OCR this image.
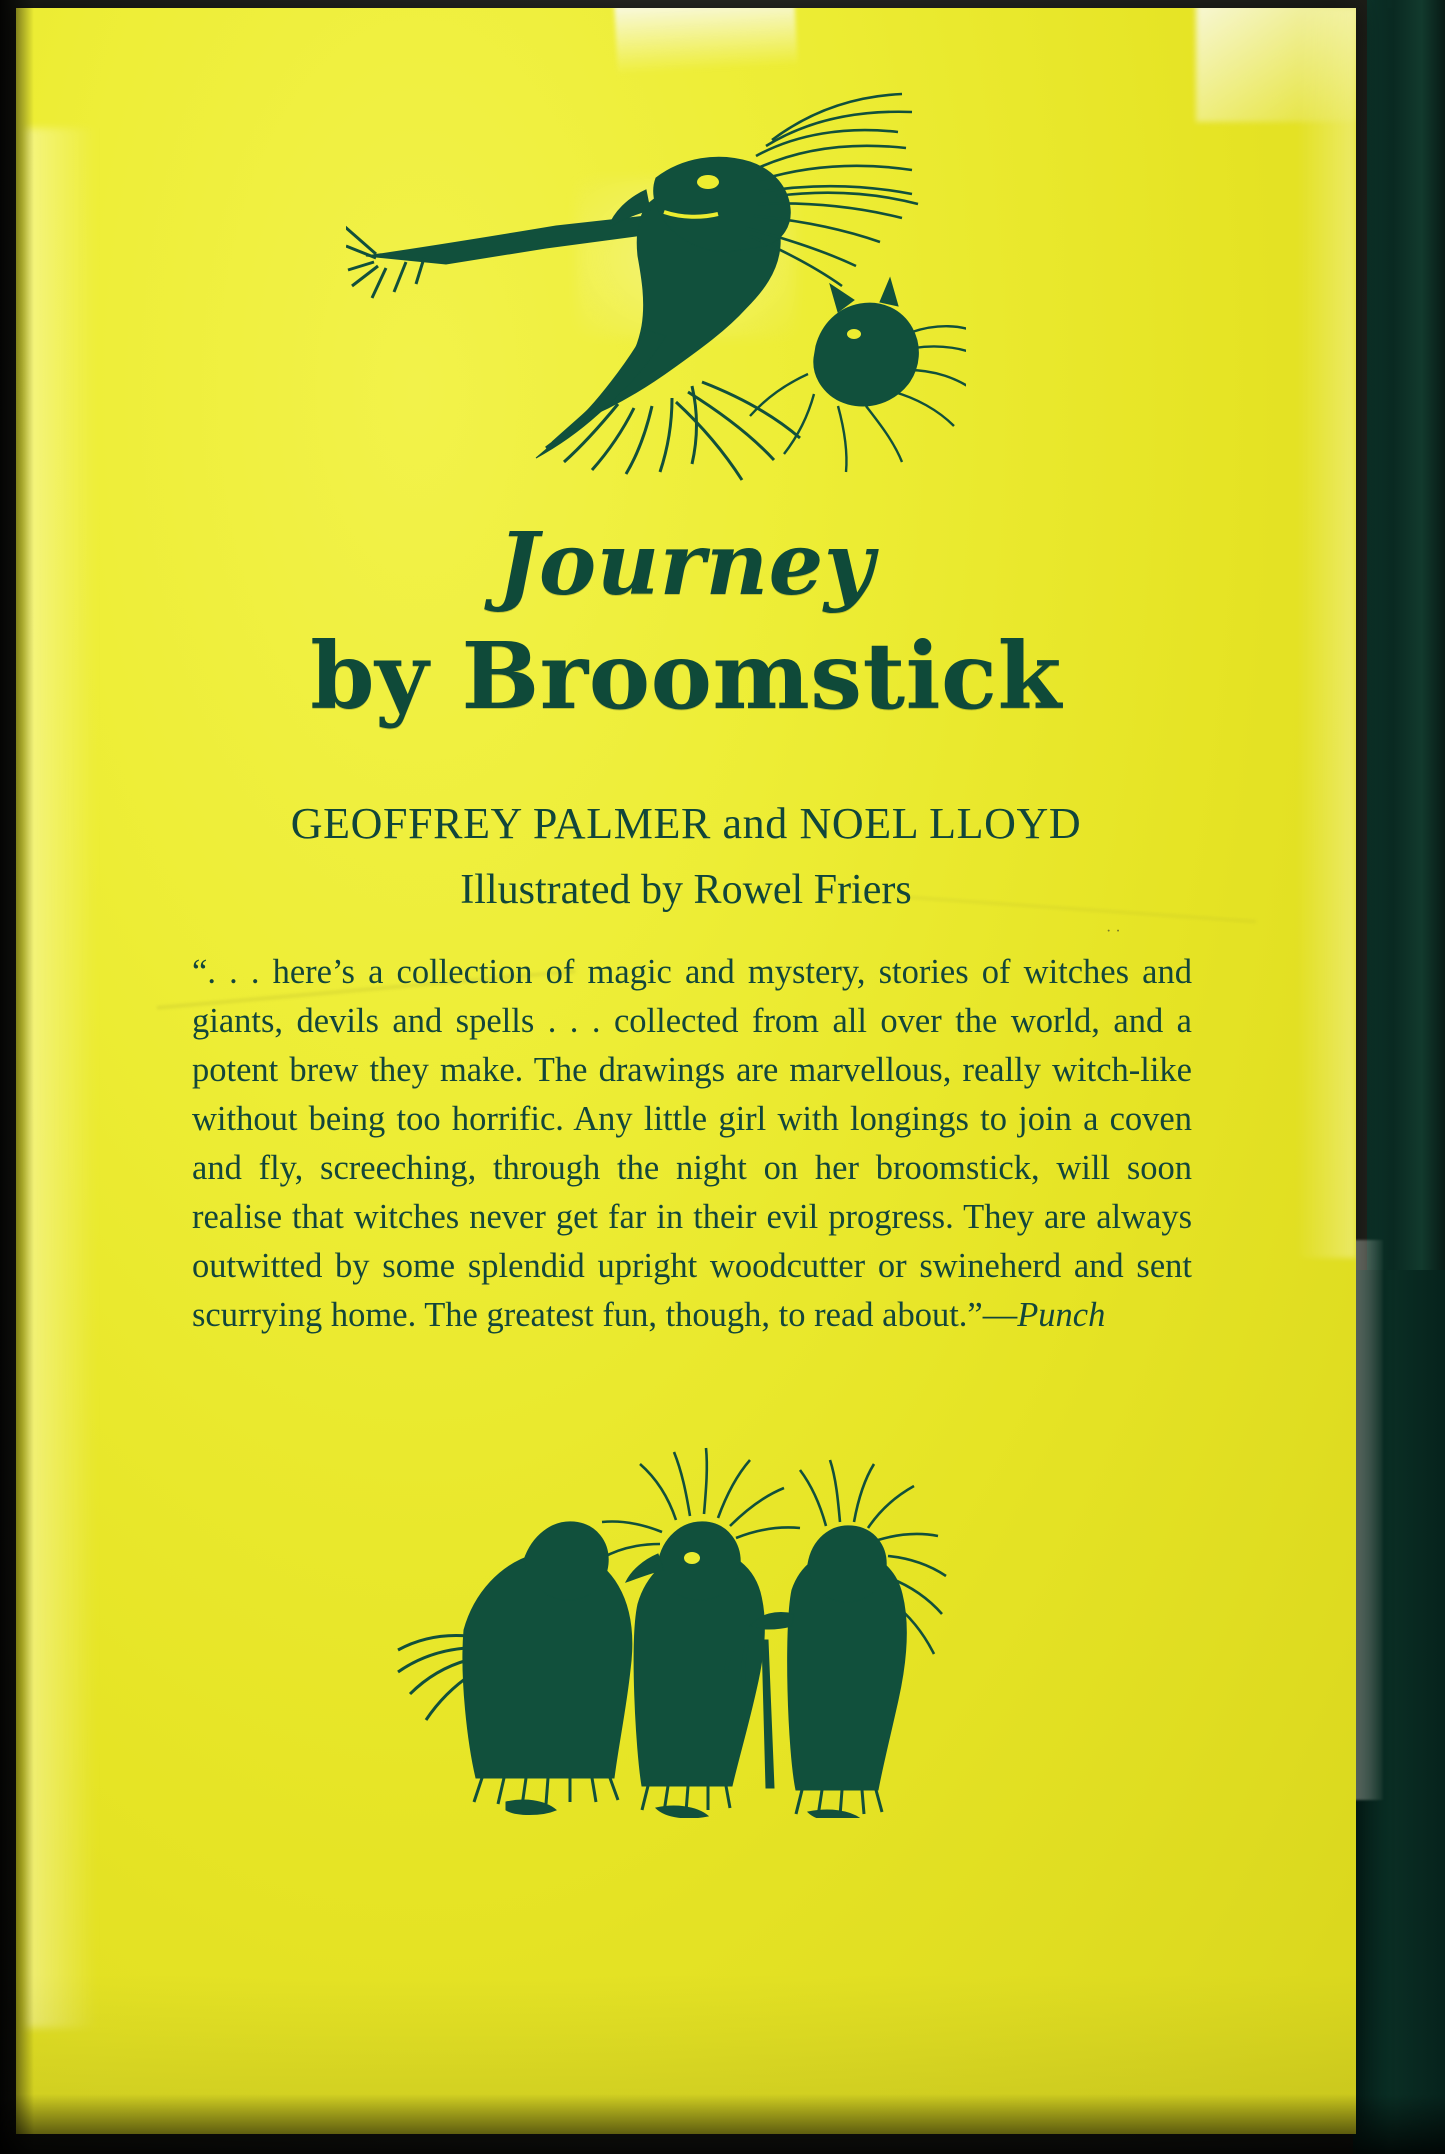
· ·
Journey
by Broomstick
GEOFFREY PALMER and NOEL LLOYD
Illustrated by Rowel Friers
“. . . here’s a collection of magic and mystery, stories of witches and giants, devils and spells . . . collected from all over the world, and a potent brew they make. The drawings are marvellous, really witch-like without being too horrific. Any little girl with longings to join a coven and fly, screeching, through the night on her broomstick, will soon realise that witches never get far in their evil progress. They are always outwitted by some splendid upright woodcutter or swineherd and sent scurrying home. The greatest fun, though, to read about.”—Punch
